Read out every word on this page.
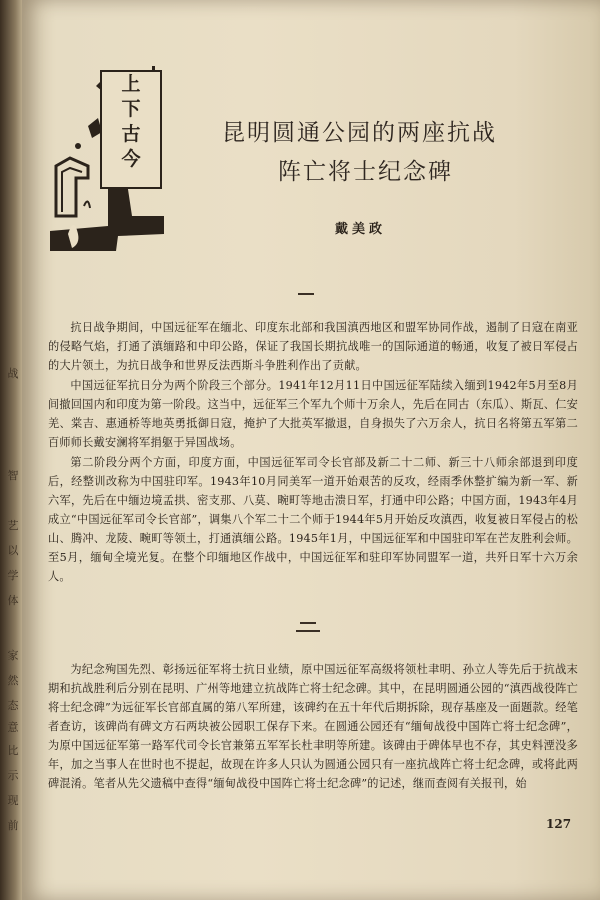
战
智
艺
以
学
体
家
然
态
意
比
示
现
前
上
下
古
今
昆明圆通公园的两座抗战
阵亡将士纪念碑
戴美政
抗日战争期间，中国远征军在缅北、印度东北部和我国滇西地区和盟军协同作战，遏制了日寇在南亚的侵略气焰，打通了滇缅路和中印公路，保证了我国长期抗战唯一的国际通道的畅通，收复了被日军侵占的大片领土，为抗日战争和世界反法西斯斗争胜利作出了贡献。
中国远征军抗日分为两个阶段三个部分。1941年12月11日中国远征军陆续入缅到1942年5月至8月间撤回国内和印度为第一阶段。这当中，远征军三个军九个师十万余人，先后在同古（东瓜）、斯瓦、仁安羌、棠吉、惠通桥等地英勇抵御日寇，掩护了大批英军撤退，自身损失了六万余人，抗日名将第五军第二百师师长戴安澜将军捐躯于异国战场。
第二阶段分两个方面，印度方面，中国远征军司令长官部及新二十二师、新三十八师余部退到印度后，经整训改称为中国驻印军。1943年10月同美军一道开始艰苦的反攻，经雨季休整扩编为新一军、新六军，先后在中缅边境孟拱、密支那、八莫、畹町等地击溃日军，打通中印公路；中国方面，1943年4月成立“中国远征军司令长官部”，调集八个军二十二个师于1944年5月开始反攻滇西，收复被日军侵占的松山、腾冲、龙陵、畹町等领土，打通滇缅公路。1945年1月，中国远征军和中国驻印军在芒友胜利会师。至5月，缅甸全境光复。在整个印缅地区作战中，中国远征军和驻印军协同盟军一道，共歼日军十六万余人。
为纪念殉国先烈、彰扬远征军将士抗日业绩，原中国远征军高级将领杜聿明、孙立人等先后于抗战末期和抗战胜利后分别在昆明、广州等地建立抗战阵亡将士纪念碑。其中，在昆明圆通公园的“滇西战役阵亡将士纪念碑”为远征军长官部直属的第八军所建，该碑约在五十年代后期拆除，现存基座及一面题款。经笔者查访，该碑尚有碑文方石两块被公园职工保存下来。在圆通公园还有“缅甸战役中国阵亡将士纪念碑”，为原中国远征军第一路军代司令长官兼第五军军长杜聿明等所建。该碑由于碑体早也不存，其史料湮没多年，加之当事人在世时也不提起，故现在许多人只认为圆通公园只有一座抗战阵亡将士纪念碑，或将此两碑混淆。笔者从先父遗稿中查得“缅甸战役中国阵亡将士纪念碑”的记述，继而查阅有关报刊，始
127
